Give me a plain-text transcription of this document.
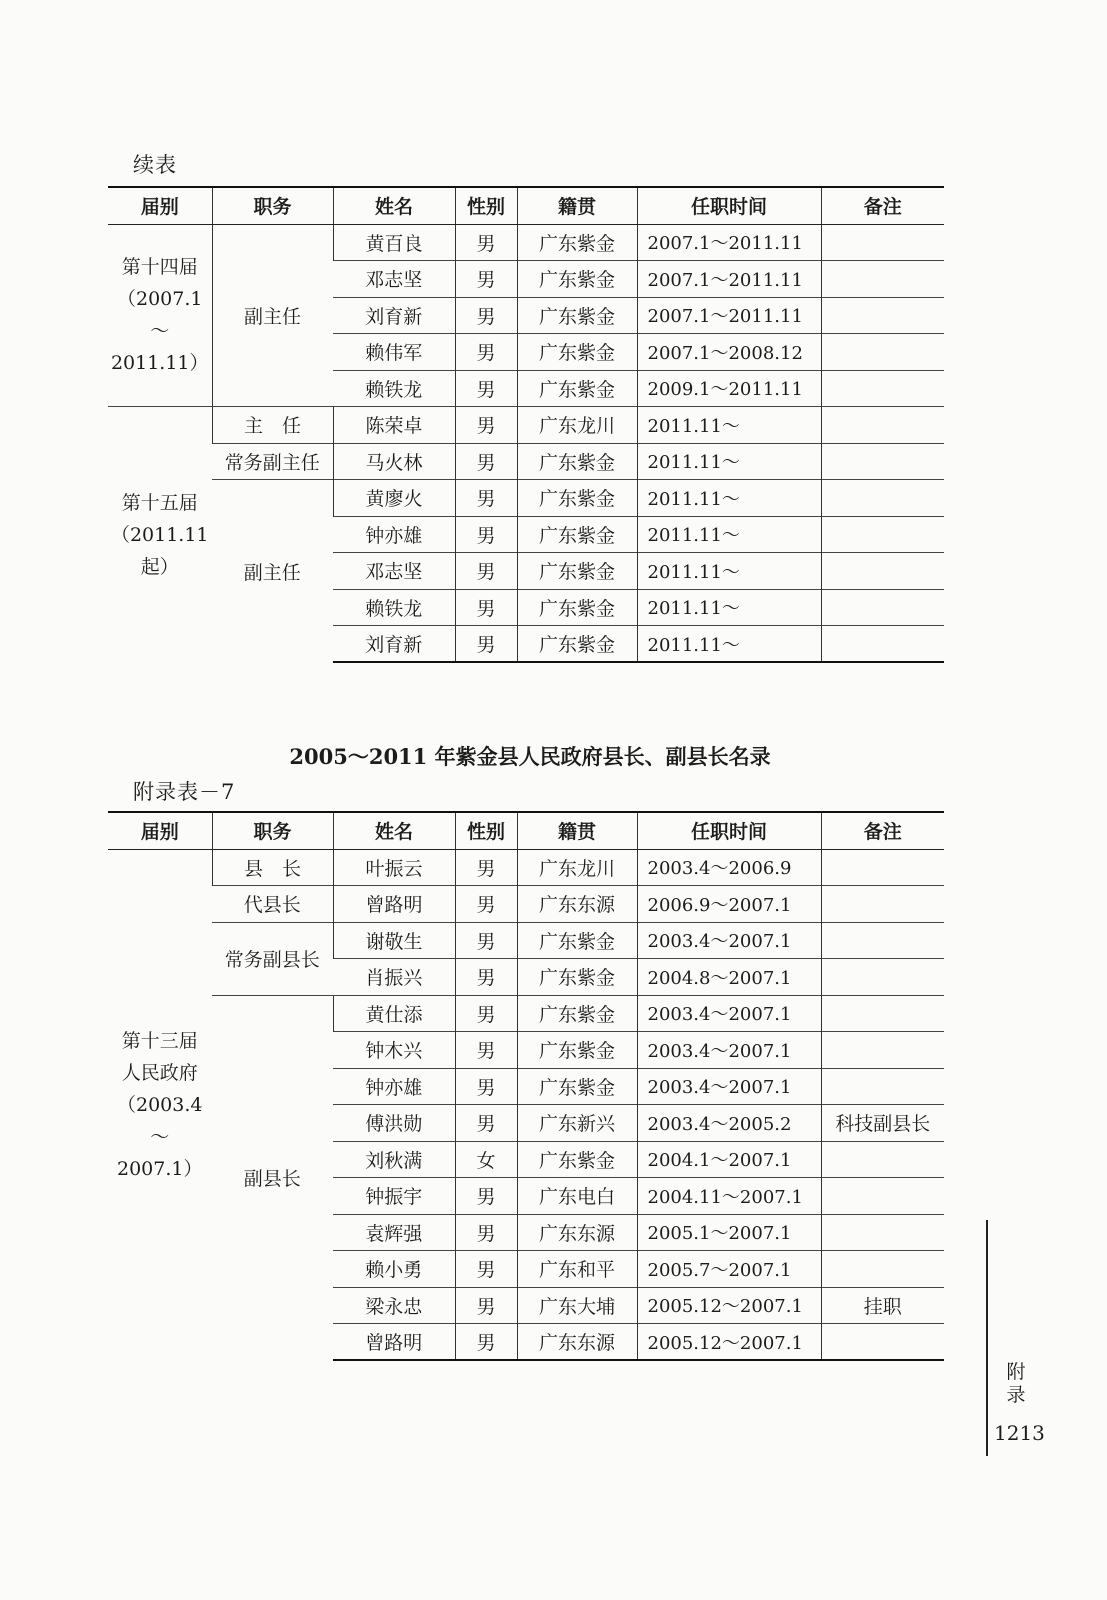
续表
届别	职务	姓名	性别	籍贯	任职时间	备注
第十四届
（2007.1～
2011.11）	副主任	黄百良	男	广东紫金	2007.1～2011.11	
		邓志坚	男	广东紫金	2007.1～2011.11	
		刘育新	男	广东紫金	2007.1～2011.11	
		赖伟军	男	广东紫金	2007.1～2008.12	
		赖铁龙	男	广东紫金	2009.1～2011.11	
第十五届
（2011.11起）	主　任	陈荣卓	男	广东龙川	2011.11～	
	常务副主任	马火林	男	广东紫金	2011.11～	
	副主任	黄廖火	男	广东紫金	2011.11～	
		钟亦雄	男	广东紫金	2011.11～	
		邓志坚	男	广东紫金	2011.11～	
		赖铁龙	男	广东紫金	2011.11～	
		刘育新	男	广东紫金	2011.11～	
2005～2011 年紫金县人民政府县长、副县长名录
附录表－7
届别	职务	姓名	性别	籍贯	任职时间	备注
第十三届
人民政府
（2003.4～
2007.1）	县　长	叶振云	男	广东龙川	2003.4～2006.9	
	代县长	曾路明	男	广东东源	2006.9～2007.1	
	常务副县长	谢敬生	男	广东紫金	2003.4～2007.1	
		肖振兴	男	广东紫金	2004.8～2007.1	
	副县长	黄仕添	男	广东紫金	2003.4～2007.1	
		钟木兴	男	广东紫金	2003.4～2007.1	
		钟亦雄	男	广东紫金	2003.4～2007.1	
		傅洪勋	男	广东新兴	2003.4～2005.2	科技副县长
		刘秋满	女	广东紫金	2004.1～2007.1	
		钟振宇	男	广东电白	2004.11～2007.1	
		袁辉强	男	广东东源	2005.1～2007.1	
		赖小勇	男	广东和平	2005.7～2007.1	
		梁永忠	男	广东大埔	2005.12～2007.1	挂职
		曾路明	男	广东东源	2005.12～2007.1	
附录
1213
